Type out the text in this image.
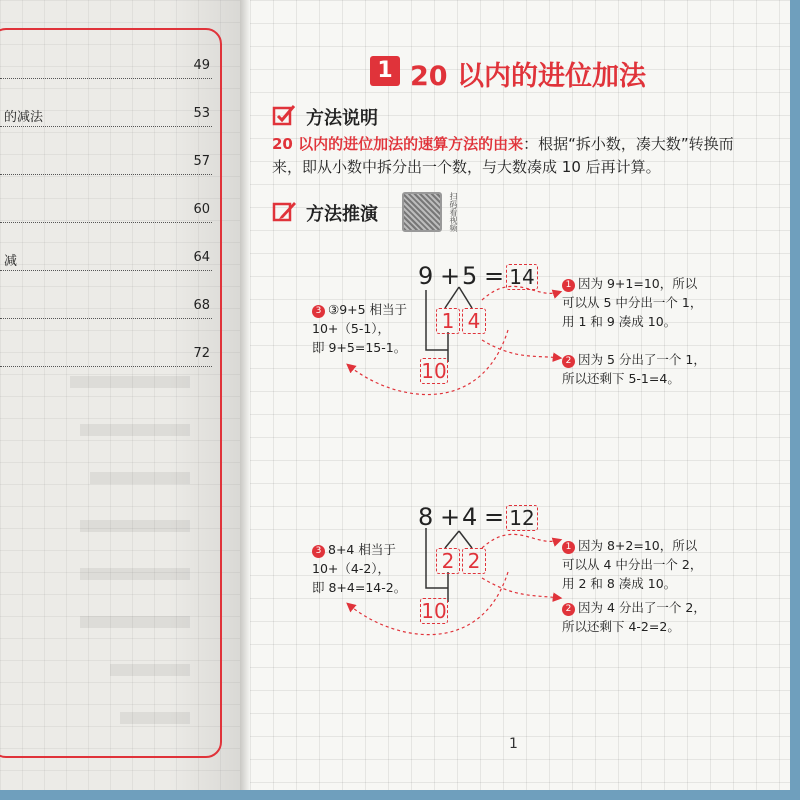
49
的减法	53
57
60
减	64
68
72
1 20 以内的进位加法
方法说明
20 以内的进位加法的速算方法的由来：根据“拆小数，凑大数”转换而来，即从小数中拆分出一个数，与大数凑成 10 后再计算。
方法推演	扫码看视频
9 + 5 = 14
1 4
10
3 ③9+5 相当于
10+（5-1），
即 9+5=15-1。
1 因为 9+1=10，所以
可以从 5 中分出一个 1，
用 1 和 9 凑成 10。
2 因为 5 分出了一个 1，
所以还剩下 5-1=4。
8 + 4 = 12
2 2
10
3 8+4 相当于
10+（4-2），
即 8+4=14-2。
1 因为 8+2=10，所以
可以从 4 中分出一个 2，
用 2 和 8 凑成 10。
2 因为 4 分出了一个 2，
所以还剩下 4-2=2。
1
